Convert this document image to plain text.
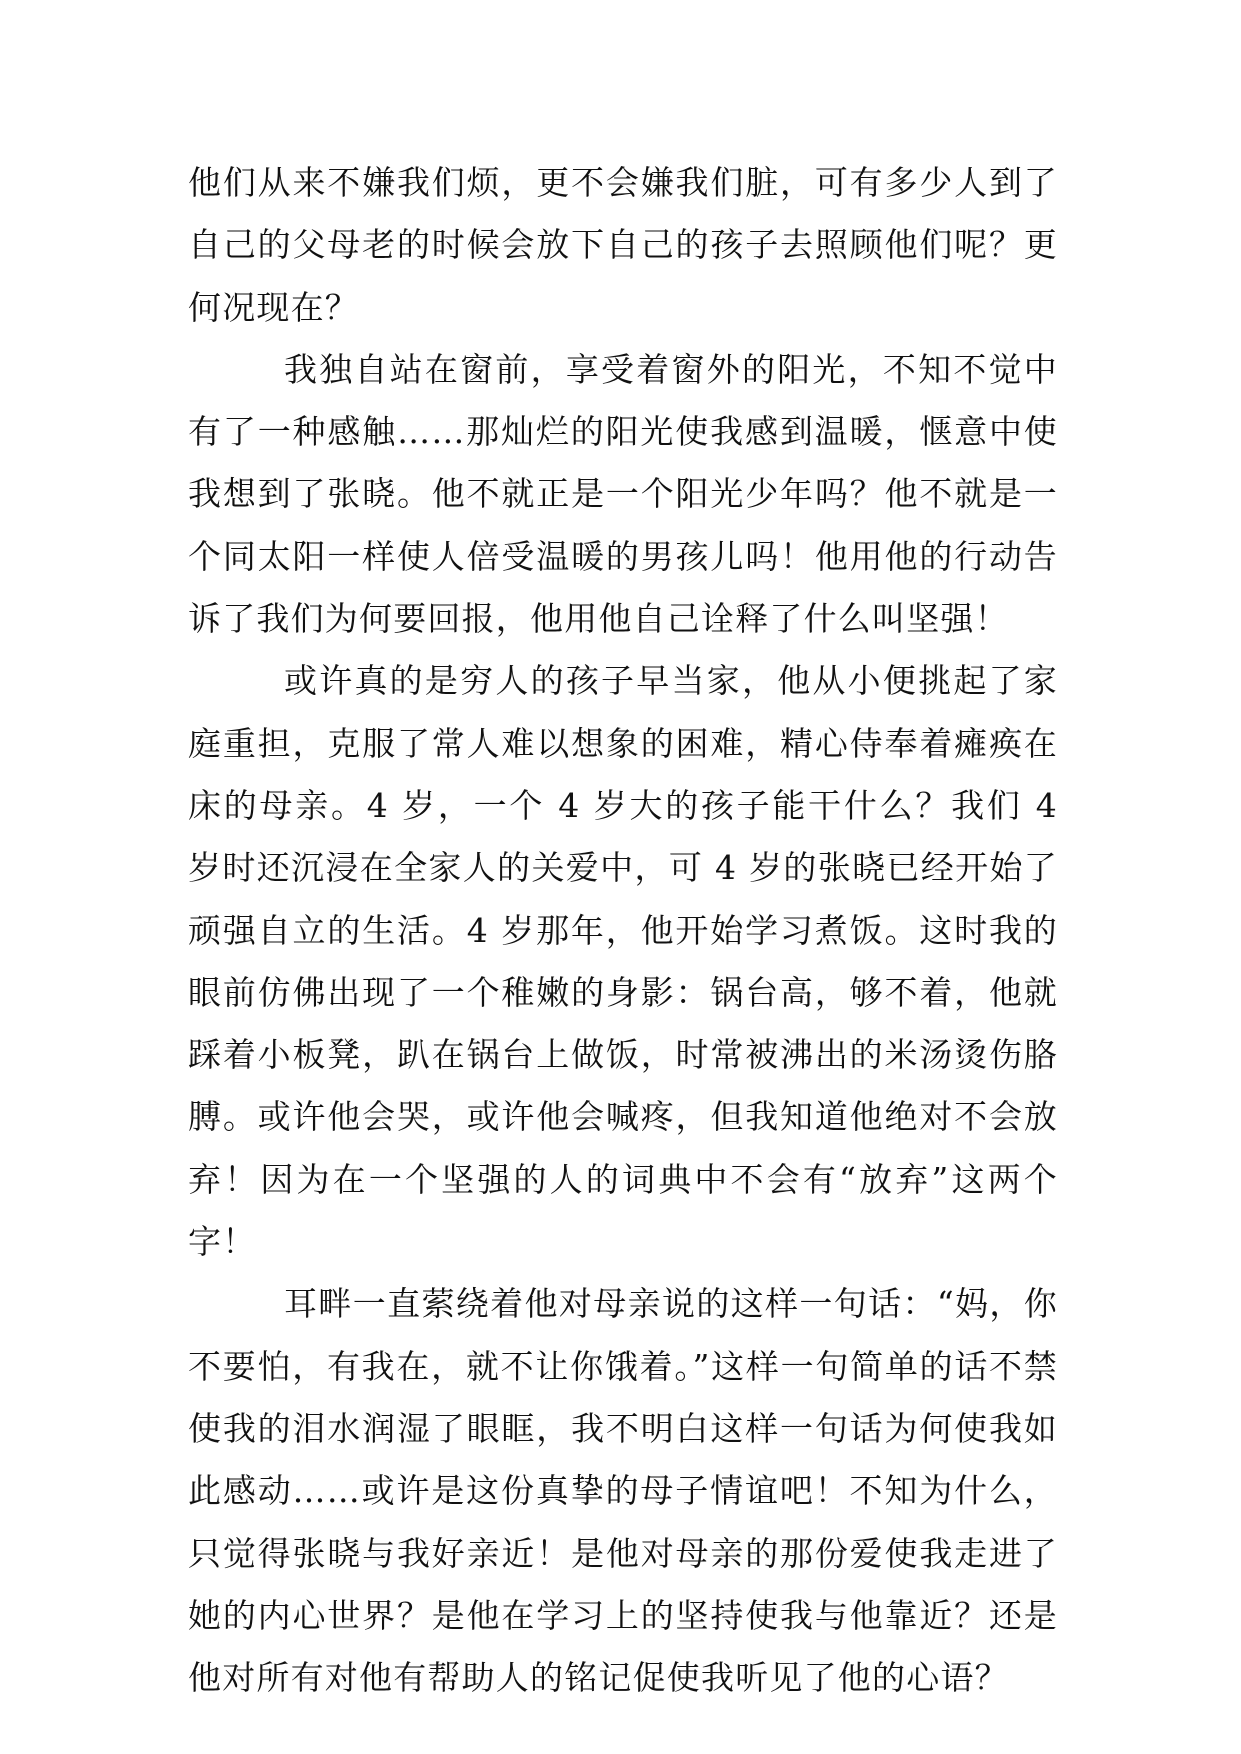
他们从来不嫌我们烦，更不会嫌我们脏，可有多少人到了自己的父母老的时候会放下自己的孩子去照顾他们呢？更何况现在？

我独自站在窗前，享受着窗外的阳光，不知不觉中有了一种感触……那灿烂的阳光使我感到温暖，惬意中使我想到了张晓。他不就正是一个阳光少年吗？他不就是一个同太阳一样使人倍受温暖的男孩儿吗！他用他的行动告诉了我们为何要回报，他用他自己诠释了什么叫坚强！

或许真的是穷人的孩子早当家，他从小便挑起了家庭重担，克服了常人难以想象的困难，精心侍奉着瘫痪在床的母亲。4 岁，一个 4 岁大的孩子能干什么？我们 4 岁时还沉浸在全家人的关爱中，可 4 岁的张晓已经开始了顽强自立的生活。4 岁那年，他开始学习煮饭。这时我的眼前仿佛出现了一个稚嫩的身影：锅台高，够不着，他就踩着小板凳，趴在锅台上做饭，时常被沸出的米汤烫伤胳膊。或许他会哭，或许他会喊疼，但我知道他绝对不会放弃！因为在一个坚强的人的词典中不会有“放弃”这两个字！

耳畔一直萦绕着他对母亲说的这样一句话：“妈，你不要怕，有我在，就不让你饿着。”这样一句简单的话不禁使我的泪水润湿了眼眶，我不明白这样一句话为何使我如此感动……或许是这份真挚的母子情谊吧！不知为什么，只觉得张晓与我好亲近！是他对母亲的那份爱使我走进了她的内心世界？是他在学习上的坚持使我与他靠近？还是他对所有对他有帮助人的铭记促使我听见了他的心语？
